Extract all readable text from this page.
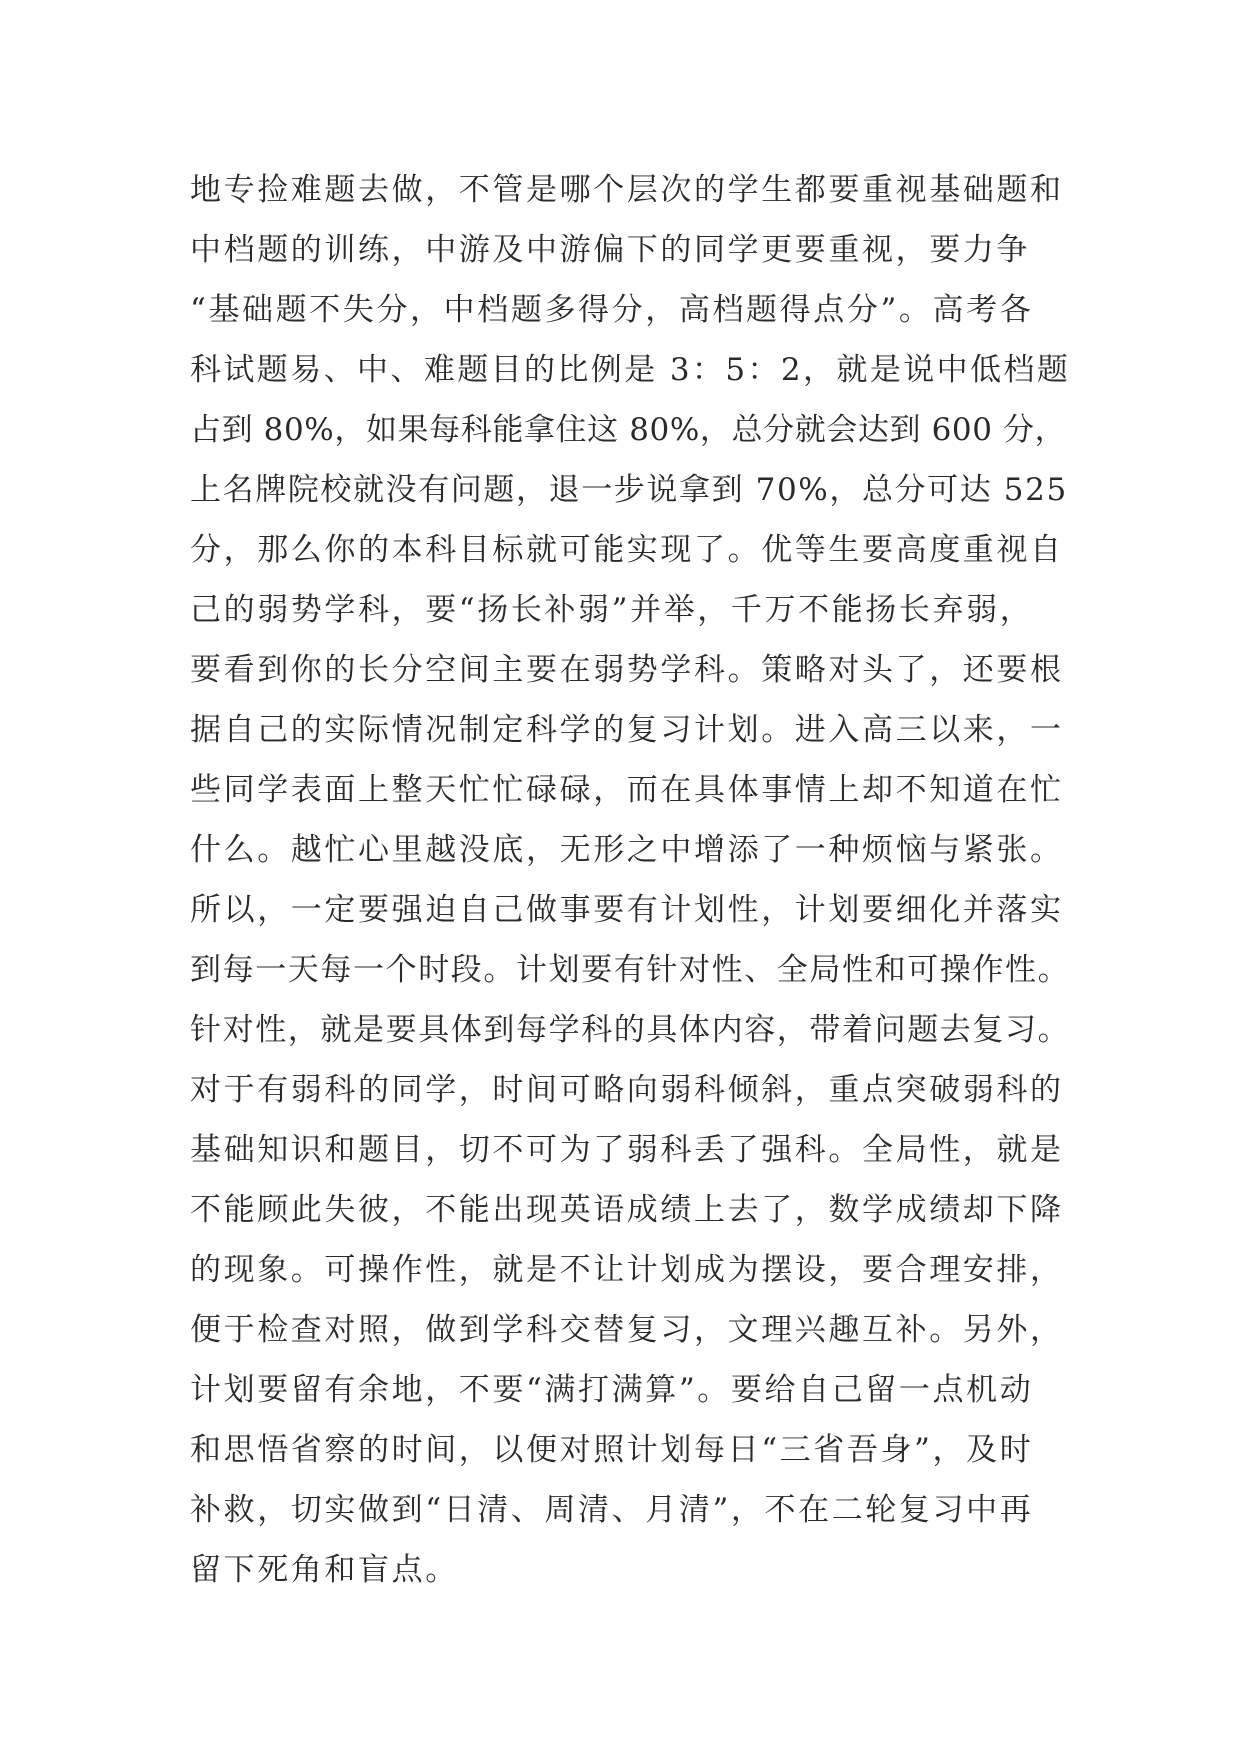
地专捡难题去做，不管是哪个层次的学生都要重视基础题和
中档题的训练，中游及中游偏下的同学更要重视，要力争
“基础题不失分，中档题多得分，高档题得点分”。高考各
科试题易、中、难题目的比例是 3：5：2，就是说中低档题
占到 80%，如果每科能拿住这 80%，总分就会达到 600 分，
上名牌院校就没有问题，退一步说拿到 70%，总分可达 525
分，那么你的本科目标就可能实现了。优等生要高度重视自
己的弱势学科，要“扬长补弱”并举，千万不能扬长弃弱，
要看到你的长分空间主要在弱势学科。策略对头了，还要根
据自己的实际情况制定科学的复习计划。进入高三以来，一
些同学表面上整天忙忙碌碌，而在具体事情上却不知道在忙
什么。越忙心里越没底，无形之中增添了一种烦恼与紧张。
所以，一定要强迫自己做事要有计划性，计划要细化并落实
到每一天每一个时段。计划要有针对性、全局性和可操作性。
针对性，就是要具体到每学科的具体内容，带着问题去复习。
对于有弱科的同学，时间可略向弱科倾斜，重点突破弱科的
基础知识和题目，切不可为了弱科丢了强科。全局性，就是
不能顾此失彼，不能出现英语成绩上去了，数学成绩却下降
的现象。可操作性，就是不让计划成为摆设，要合理安排，
便于检查对照，做到学科交替复习，文理兴趣互补。另外，
计划要留有余地，不要“满打满算”。要给自己留一点机动
和思悟省察的时间，以便对照计划每日“三省吾身”，及时
补救，切实做到“日清、周清、月清”，不在二轮复习中再
留下死角和盲点。
